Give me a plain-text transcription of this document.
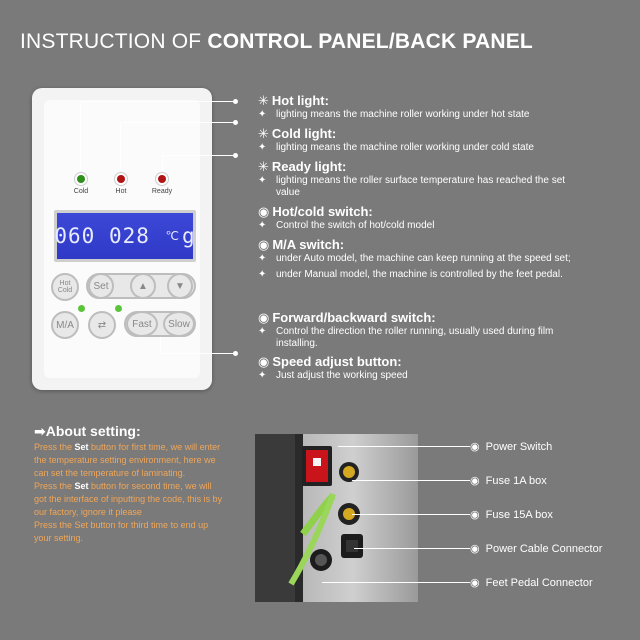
INSTRUCTION OF CONTROL PANEL/BACK PANEL
Cold	Hot	Ready
060
028
℃ g
Hot
Cold Set	▲	▼
M/A ⇄	Fast Slow
✳ Hot light:
✦ lighting means the machine roller working under hot state
✳ Cold light:
✦ lighting means the machine roller working under cold state
✳ Ready light:
✦ lighting means the roller surface temperature has reached the set value
◉ Hot/cold switch:
✦ Control the switch of hot/cold model
◉ M/A switch:
✦ under Auto model, the machine can keep running at the speed set;
✦ under Manual model, the machine is controlled by the feet pedal.
◉ Forward/backward switch:
✦ Control the direction the roller running, usually used during film installing.
◉ Speed adjust button:
✦ Just adjust the working speed
➡About setting:
Press the Set button for first time, we will enter the temperature setting environment, here we can set the temperature of laminating.
Press the Set button for second time, we will got the interface of inputting the code, this is by our factory, ignore it please
Press the Set button for third time to end up your setting.
◉ Power Switch
◉ Fuse 1A box
◉ Fuse 15A box
◉ Power Cable Connector
◉ Feet Pedal Connector
